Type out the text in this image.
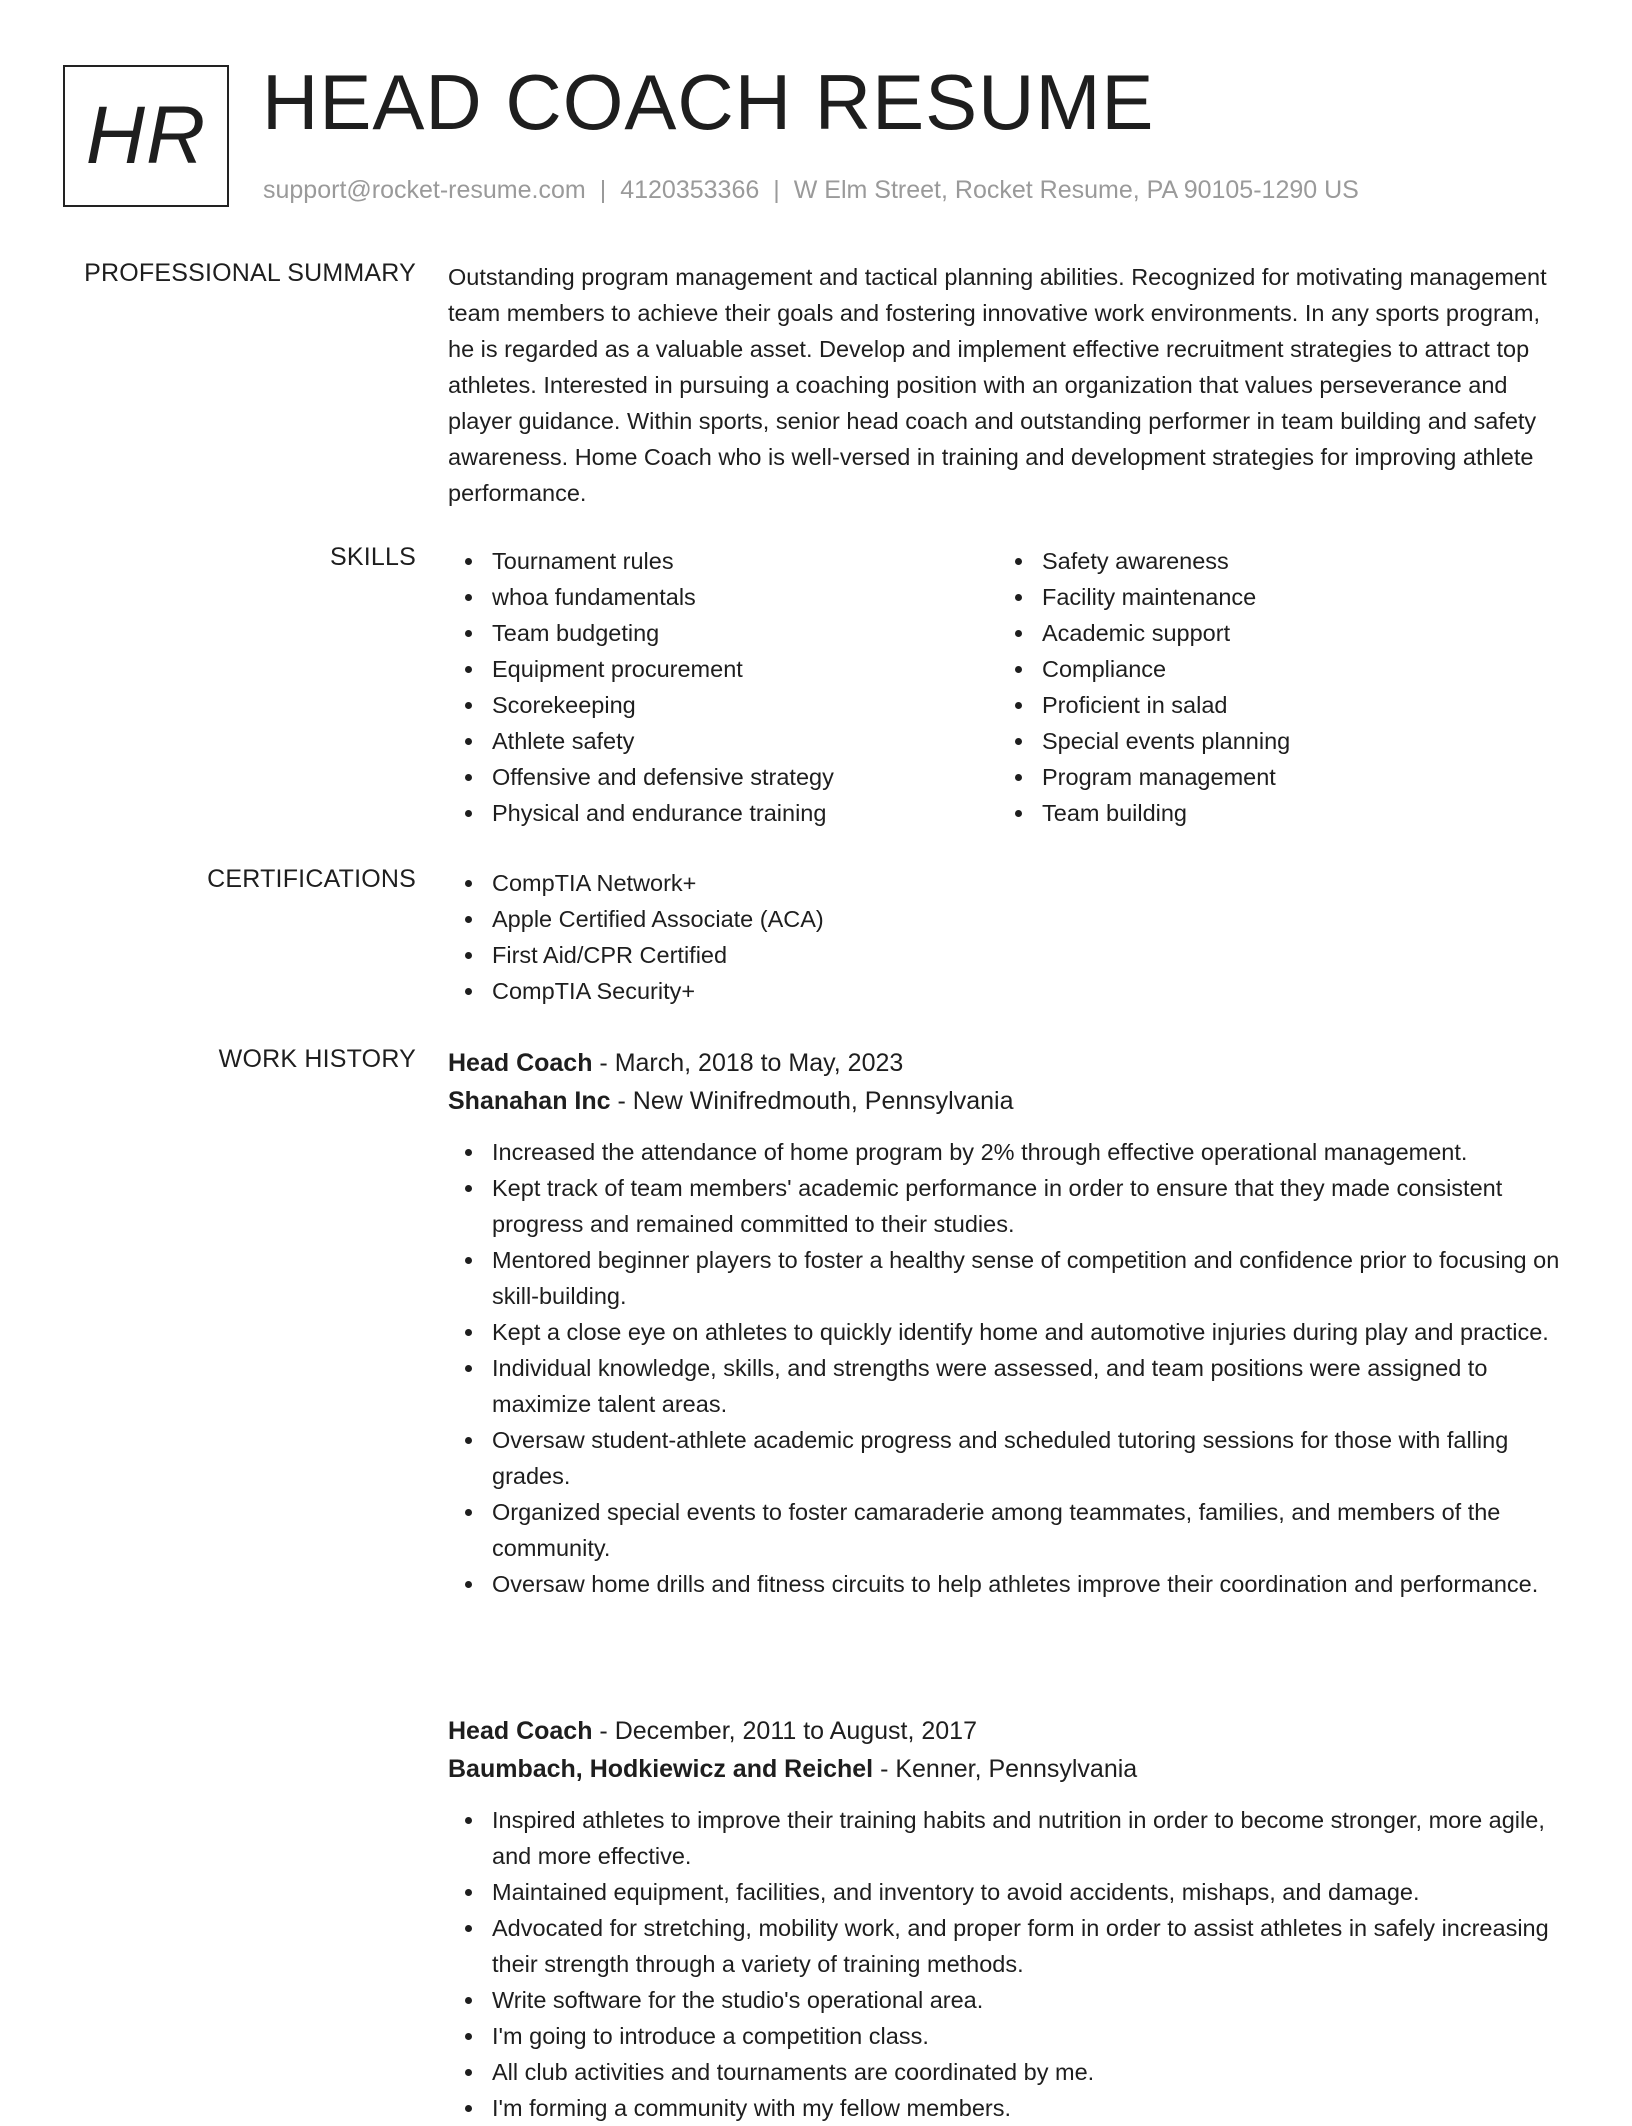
HR HEAD COACH RESUME
support@rocket-resume.com | 4120353366 | W Elm Street, Rocket Resume, PA 90105-1290 US
PROFESSIONAL SUMMARY Outstanding program management and tactical planning abilities. Recognized for motivating management team members to achieve their goals and fostering innovative work environments. In any sports program, he is regarded as a valuable asset. Develop and implement effective recruitment strategies to attract top athletes. Interested in pursuing a coaching position with an organization that values perseverance and player guidance. Within sports, senior head coach and outstanding performer in team building and safety awareness. Home Coach who is well-versed in training and development strategies for improving athlete performance.
SKILLS	Tournament rules
whoa fundamentals
Team budgeting
Equipment procurement
Scorekeeping
Athlete safety
Offensive and defensive strategy
Physical and endurance training
Safety awareness
Facility maintenance
Academic support
Compliance
Proficient in salad
Special events planning
Program management
Team building
CERTIFICATIONS	CompTIA Network+
Apple Certified Associate (ACA)
First Aid/CPR Certified
CompTIA Security+
WORK HISTORY Head Coach - March, 2018 to May, 2023
Shanahan Inc - New Winifredmouth, Pennsylvania
Increased the attendance of home program by 2% through effective operational management.
Kept track of team members' academic performance in order to ensure that they made consistent progress and remained committed to their studies.
Mentored beginner players to foster a healthy sense of competition and confidence prior to focusing on skill-building.
Kept a close eye on athletes to quickly identify home and automotive injuries during play and practice.
Individual knowledge, skills, and strengths were assessed, and team positions were assigned to maximize talent areas.
Oversaw student-athlete academic progress and scheduled tutoring sessions for those with falling grades.
Organized special events to foster camaraderie among teammates, families, and members of the community.
Oversaw home drills and fitness circuits to help athletes improve their coordination and performance.
Head Coach - December, 2011 to August, 2017
Baumbach, Hodkiewicz and Reichel - Kenner, Pennsylvania
Inspired athletes to improve their training habits and nutrition in order to become stronger, more agile, and more effective.
Maintained equipment, facilities, and inventory to avoid accidents, mishaps, and damage.
Advocated for stretching, mobility work, and proper form in order to assist athletes in safely increasing their strength through a variety of training methods.
Write software for the studio's operational area.
I'm going to introduce a competition class.
All club activities and tournaments are coordinated by me.
I'm forming a community with my fellow members.
